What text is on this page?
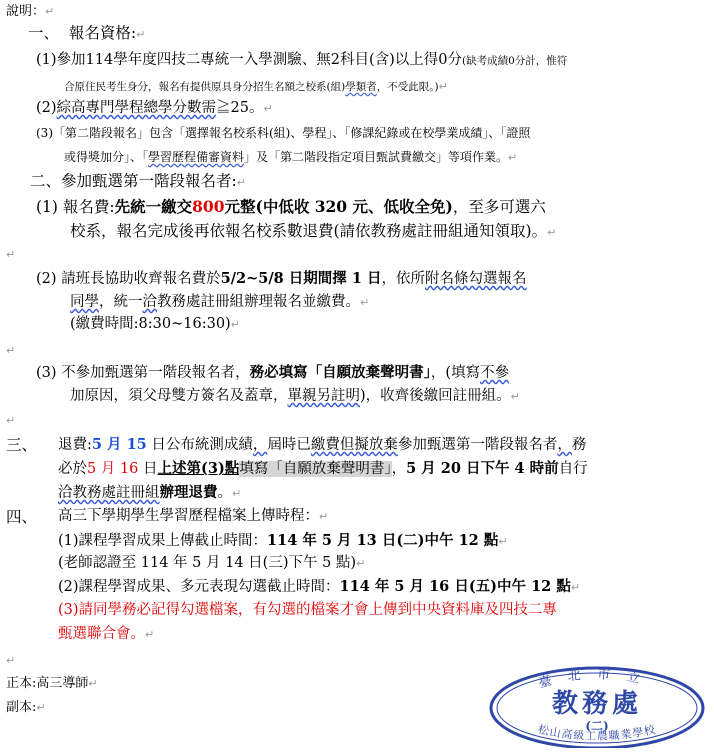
說明：↵
一、 報名資格:↵
(1)參加114學年度四技二專統一入學測驗、無2科目(含)以上得0分(缺考成績0分計，惟符
合原住民考生身分，報名有提供原具身分招生名額之校系(組)學類者，不受此限。)↵
(2)綜高專門學程總學分數需≧25。↵
(3)「第二階段報名」包含「選擇報名校系科(組)、學程」、「修課紀錄或在校學業成績」、「證照
或得獎加分」、「學習歷程備審資料」及「第二階段指定項目甄試費繳交」等項作業。↵
二、參加甄選第一階段報名者:↵
(1) 報名費:先統一繳交800元整(中低收 320 元、低收全免)，至多可選六
校系，報名完成後再依報名校系數退費(請依教務處註冊組通知領取)。↵
↵
(2) 請班長協助收齊報名費於5/2~5/8 日期間擇 1 日，依所附名條勾選報名
同學，統一洽教務處註冊組辦理報名並繳費。↵
(繳費時間:8:30~16:30)↵
↵
(3) 不參加甄選第一階段報名者，務必填寫「自願放棄聲明書」，(填寫不參
加原因，須父母雙方簽名及蓋章，單親另註明)，收齊後繳回註冊組。↵
↵
三、 退費:5 月 15 日公布統測成績，屆時已繳費但擬放棄參加甄選第一階段報名者，務
必於5 月 16 日上述第(3)點填寫「自願放棄聲明書」，5 月 20 日下午 4 時前自行
洽教務處註冊組辦理退費。↵
四、 高三下學期學生學習歷程檔案上傳時程：↵
(1)課程學習成果上傳截止時間：114 年 5 月 13 日(二)中午 12 點↵
(老師認證至 114 年 5 月 14 日(三)下午 5 點)↵
(2)課程學習成果、多元表現勾選截止時間：114 年 5 月 16 日(五)中午 12 點↵
(3)請同學務必記得勾選檔案，有勾選的檔案才會上傳到中央資料庫及四技二專
甄選聯合會。↵
↵
正本:高三導師↵
副本:↵
臺北市立
教務處
(二)
松山高級工農職業學校
